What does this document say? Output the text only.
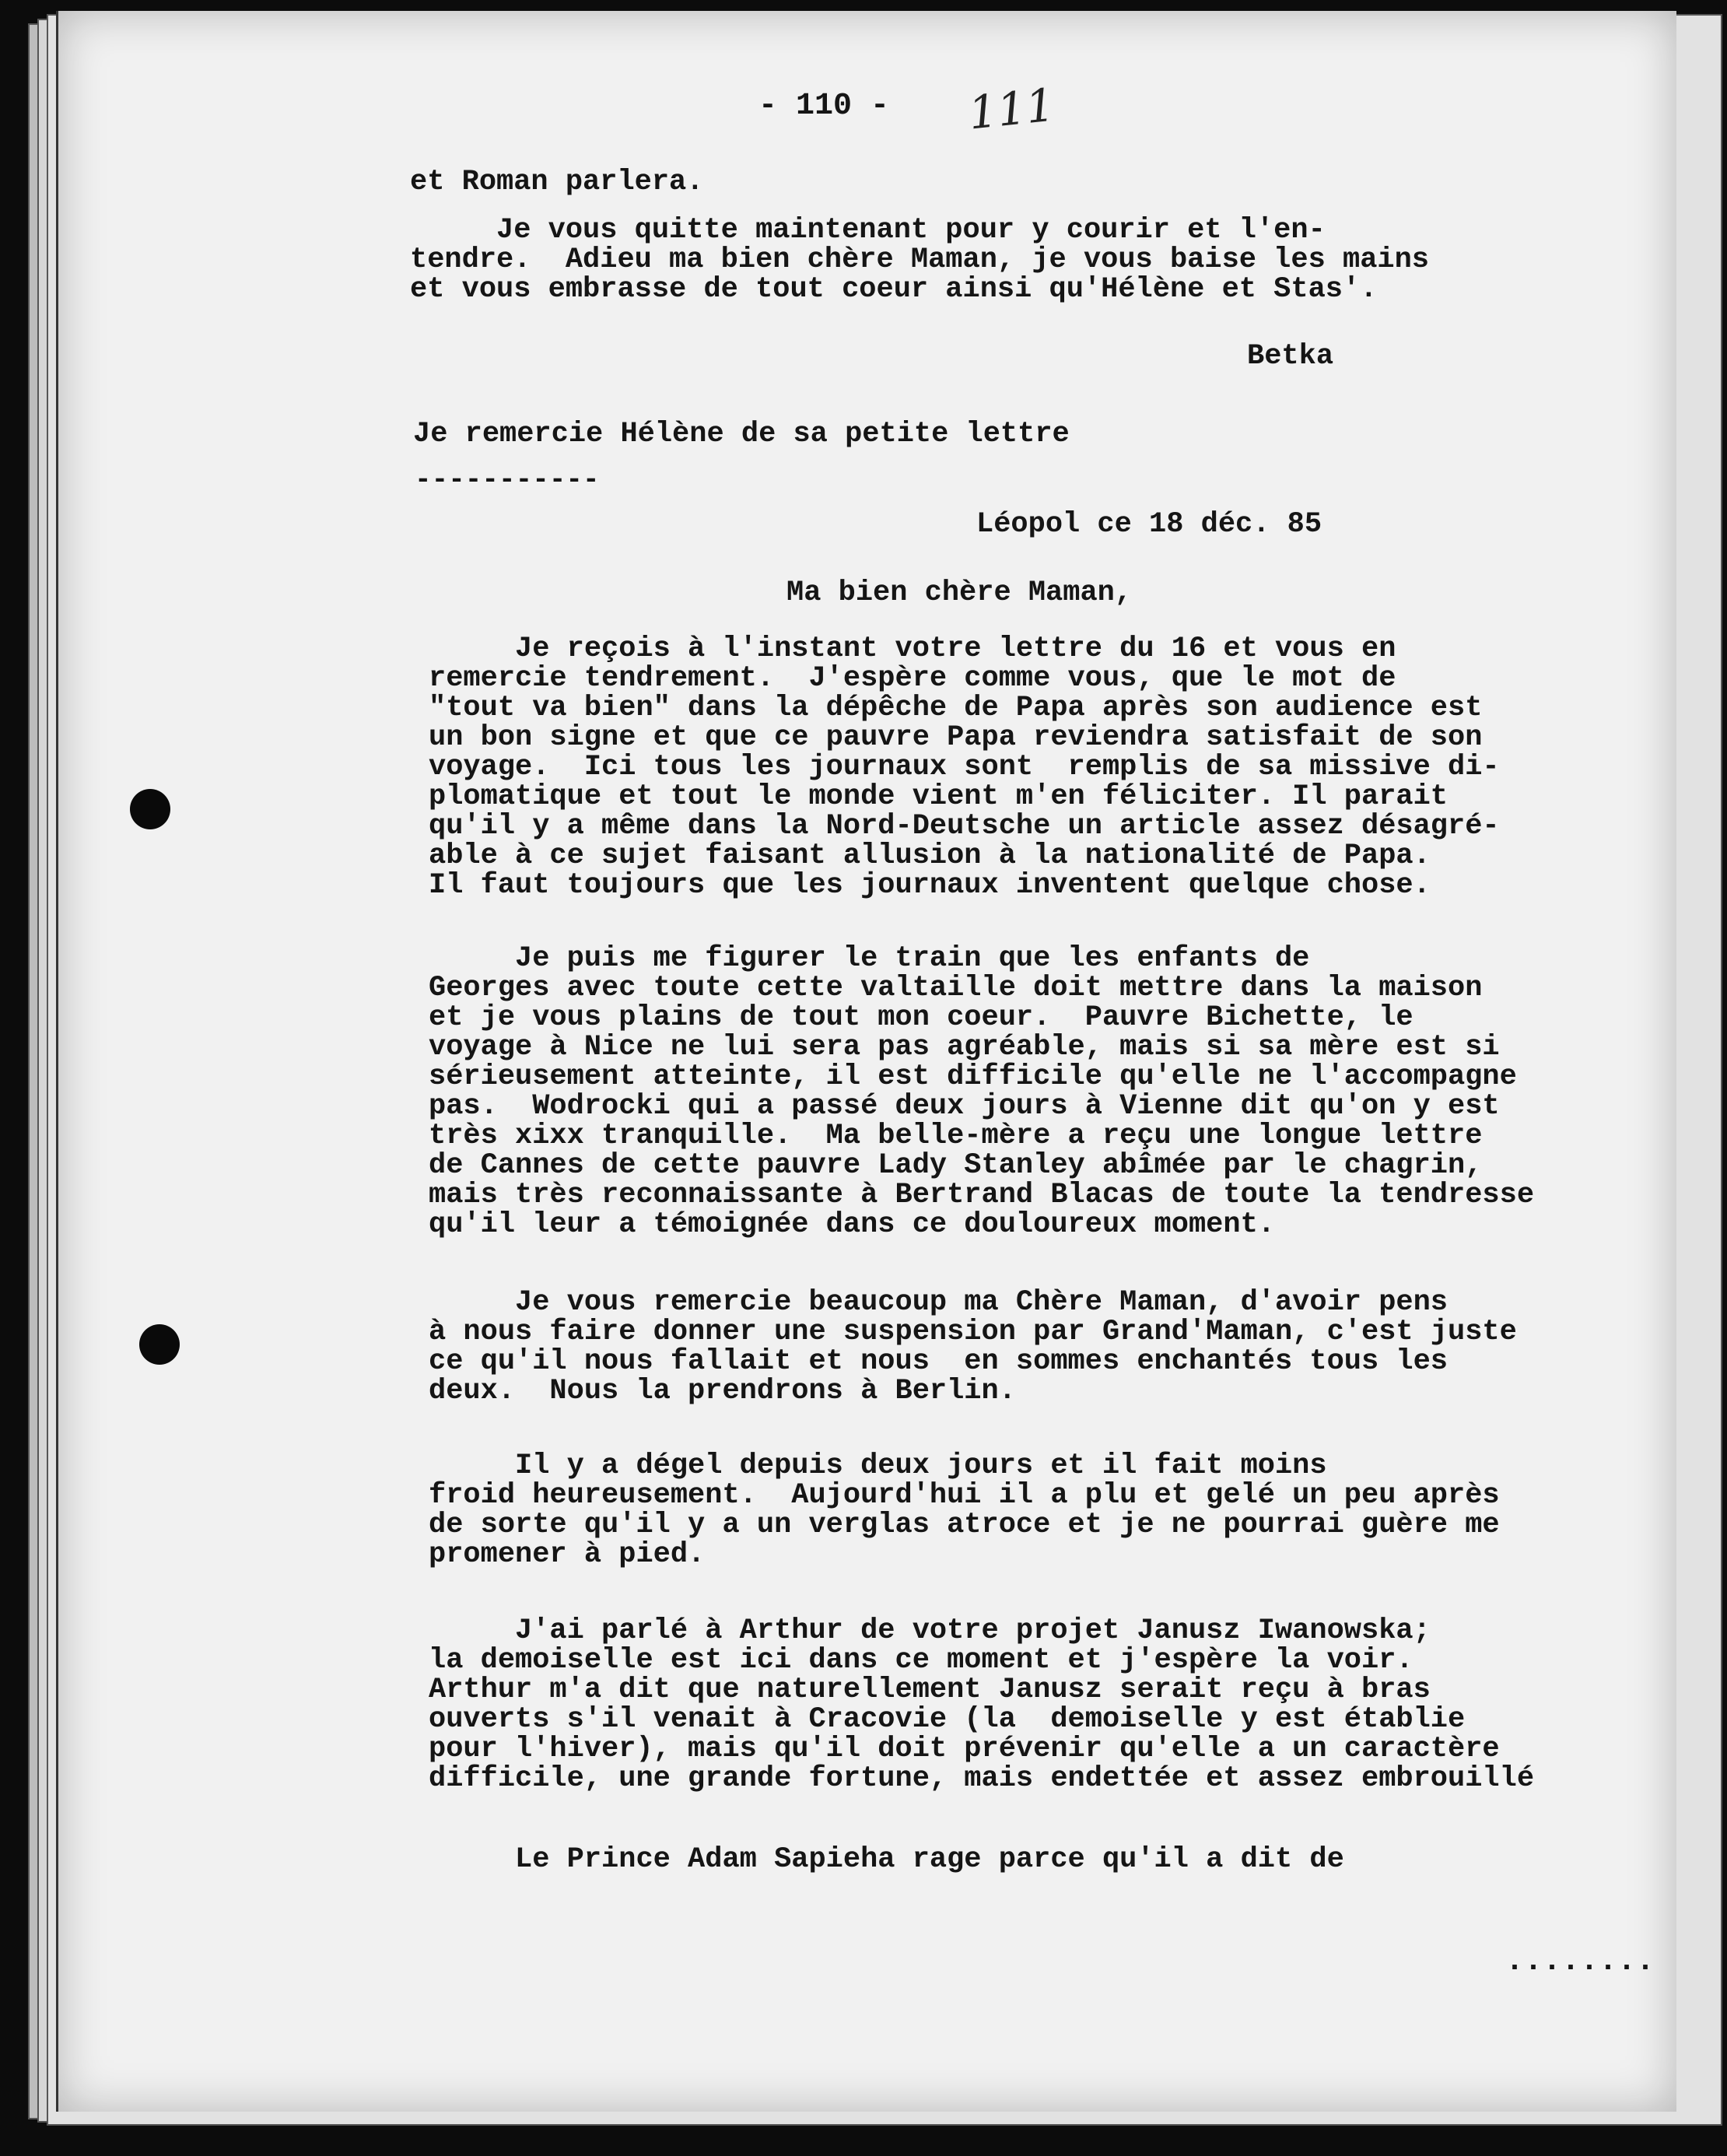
- 110 - 111
et Roman parlera.
Je vous quitte maintenant pour y courir et l'en-
tendre.  Adieu ma bien chère Maman, je vous baise les mains
et vous embrasse de tout coeur ainsi qu'Hélène et Stas'.
Betka
Je remercie Hélène de sa petite lettre
-----------
Léopol ce 18 déc. 85
Ma bien chère Maman,
Je reçois à l'instant votre lettre du 16 et vous en
remercie tendrement.  J'espère comme vous, que le mot de
"tout va bien" dans la dépêche de Papa après son audience est
un bon signe et que ce pauvre Papa reviendra satisfait de son
voyage.  Ici tous les journaux sont  remplis de sa missive di-
plomatique et tout le monde vient m'en féliciter. Il parait
qu'il y a même dans la Nord-Deutsche un article assez désagré-
able à ce sujet faisant allusion à la nationalité de Papa.
Il faut toujours que les journaux inventent quelque chose.
Je puis me figurer le train que les enfants de
Georges avec toute cette valtaille doit mettre dans la maison
et je vous plains de tout mon coeur.  Pauvre Bichette, le
voyage à Nice ne lui sera pas agréable, mais si sa mère est si
sérieusement atteinte, il est difficile qu'elle ne l'accompagne
pas.  Wodrocki qui a passé deux jours à Vienne dit qu'on y est
très xixx tranquille.  Ma belle-mère a reçu une longue lettre
de Cannes de cette pauvre Lady Stanley abîmée par le chagrin,
mais très reconnaissante à Bertrand Blacas de toute la tendresse
qu'il leur a témoignée dans ce douloureux moment.
Je vous remercie beaucoup ma Chère Maman, d'avoir pens
à nous faire donner une suspension par Grand'Maman, c'est juste
ce qu'il nous fallait et nous  en sommes enchantés tous les
deux.  Nous la prendrons à Berlin.
Il y a dégel depuis deux jours et il fait moins
froid heureusement.  Aujourd'hui il a plu et gelé un peu après
de sorte qu'il y a un verglas atroce et je ne pourrai guère me
promener à pied.
J'ai parlé à Arthur de votre projet Janusz Iwanowska;
la demoiselle est ici dans ce moment et j'espère la voir.
Arthur m'a dit que naturellement Janusz serait reçu à bras
ouverts s'il venait à Cracovie (la  demoiselle y est établie
pour l'hiver), mais qu'il doit prévenir qu'elle a un caractère
difficile, une grande fortune, mais endettée et assez embrouillé
Le Prince Adam Sapieha rage parce qu'il a dit de
........
